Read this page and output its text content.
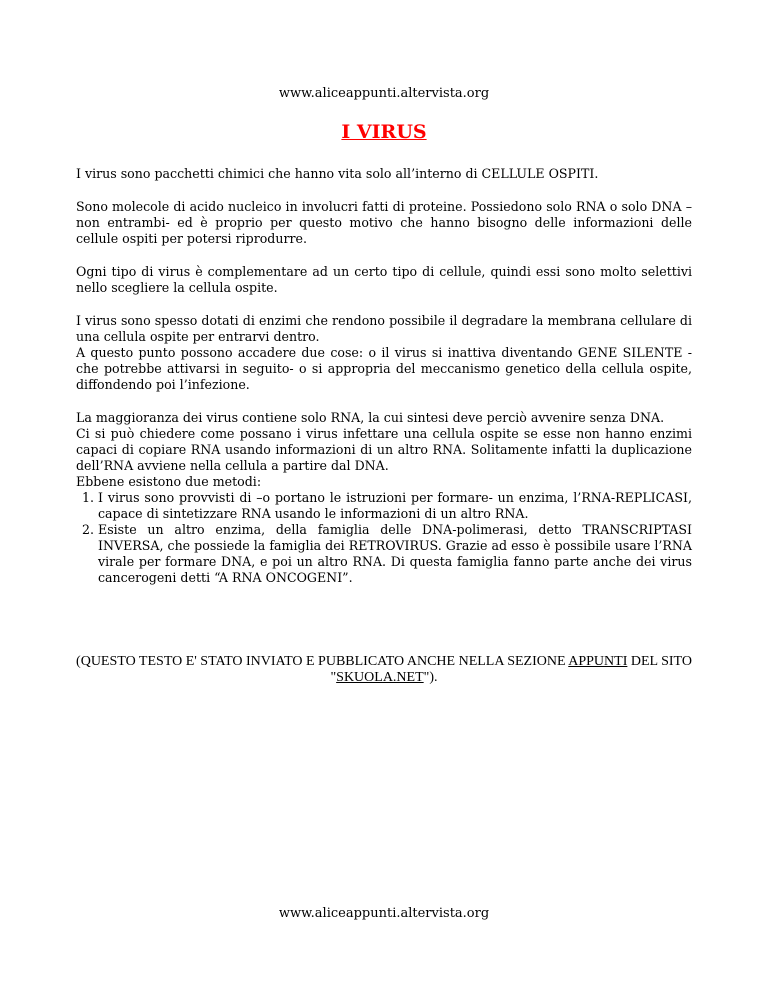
www.aliceappunti.altervista.org
I VIRUS

I virus sono pacchetti chimici che hanno vita solo all’interno di CELLULE OSPITI.

Sono molecole di acido nucleico in involucri fatti di proteine. Possiedono solo RNA o solo DNA –non entrambi- ed è proprio per questo motivo che hanno bisogno delle informazioni delle cellule ospiti per potersi riprodurre.

Ogni tipo di virus è complementare ad un certo tipo di cellule, quindi essi sono molto selettivi nello scegliere la cellula ospite.

I virus sono spesso dotati di enzimi che rendono possibile il degradare la membrana cellulare di una cellula ospite per entrarvi dentro.

A questo punto possono accadere due cose: o il virus si inattiva diventando GENE SILENTE -che potrebbe attivarsi in seguito- o si appropria del meccanismo genetico della cellula ospite, diffondendo poi l’infezione.

La maggioranza dei virus contiene solo RNA, la cui sintesi deve perciò avvenire senza DNA.

Ci si può chiedere come possano i virus infettare una cellula ospite se esse non hanno enzimi capaci di copiare RNA usando informazioni di un altro RNA. Solitamente infatti la duplicazione dell’RNA avviene nella cellula a partire dal DNA.

Ebbene esistono due metodi:

1. I virus sono provvisti di –o portano le istruzioni per formare- un enzima, l’RNA-REPLICASI, capace di sintetizzare RNA usando le informazioni di un altro RNA.
2. Esiste un altro enzima, della famiglia delle DNA-polimerasi, detto TRANSCRIPTASI INVERSA, che possiede la famiglia dei RETROVIRUS. Grazie ad esso è possibile usare l’RNA virale per formare DNA, e poi un altro RNA. Di questa famiglia fanno parte anche dei virus cancerogeni detti “A RNA ONCOGENI”.
(QUESTO TESTO E' STATO INVIATO E PUBBLICATO ANCHE NELLA SEZIONE APPUNTI DEL SITO "SKUOLA.NET").
www.aliceappunti.altervista.org
